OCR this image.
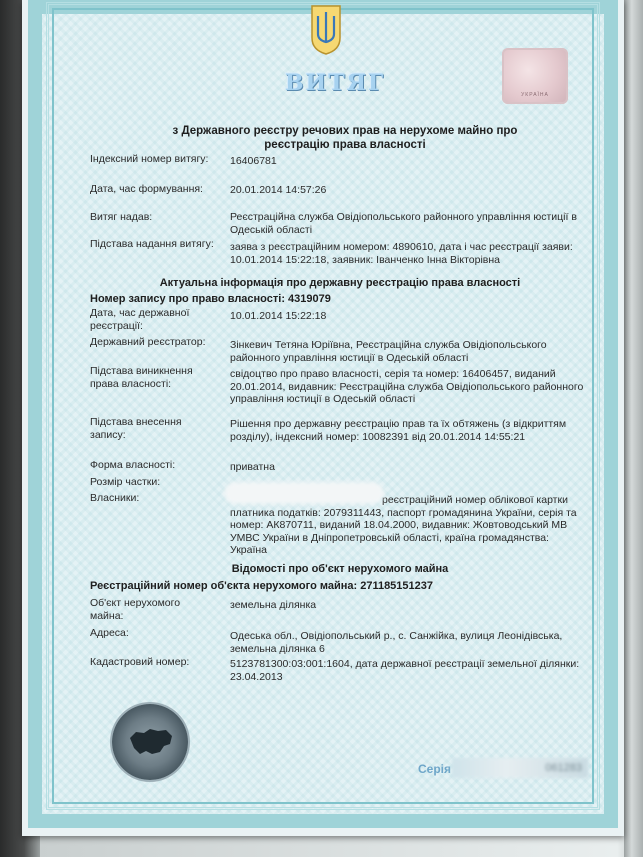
УКРАЇНА
ВИТЯГ
з Державного реєстру речових прав на нерухоме майно про реєстрацію права власності
Індексний номер витягу:	16406781
Дата, час формування:	20.01.2014 14:57:26
Витяг надав:	Реєстраційна служба Овідіопольського районного управління юстиції в Одеській області
Підстава надання витягу: заява з реєстраційним номером: 4890610, дата і час реєстрації заяви: 10.01.2014 15:22:18, заявник: Іванченко Інна Вікторівна
Актуальна інформація про державну реєстрацію права власності
Номер запису про право власності: 4319079
Дата, час державної реєстрації:
10.01.2014 15:22:18
Державний реєстратор:	Зінкевич Тетяна Юріївна, Реєстраційна служба Овідіопольського районного управління юстиції в Одеській області
Підстава виникнення права власності:
свідоцтво про право власності, серія та номер: 16406457, виданий 20.01.2014, видавник: Реєстраційна служба Овідіопольського районного управління юстиції в Одеській області
Підстава внесення запису:
Рішення про державну реєстрацію прав та їх обтяжень (з відкриттям розділу), індексний номер: 10082391 від 20.01.2014 14:55:21
Форма власності:	приватна
Розмір частки:
Власники:	реєстраційний номер облікової картки платника податків: 2079311443, паспорт громадянина України, серія та номер: АК870711, виданий 18.04.2000, видавник: Жовтоводський МВ УМВС України в Дніпропетровській області, країна громадянства: Україна
Відомості про об'єкт нерухомого майна
Реєстраційний номер об'єкта нерухомого майна: 271185151237
Об'єкт нерухомого майна:
земельна ділянка
Адреса:	Одеська обл., Овідіопольський р., с. Санжійка, вулиця Леонідівська, земельна ділянка 6
Кадастровий номер:	5123781300:03:001:1604, дата державної реєстрації земельної ділянки: 23.04.2013
Серія	061283
